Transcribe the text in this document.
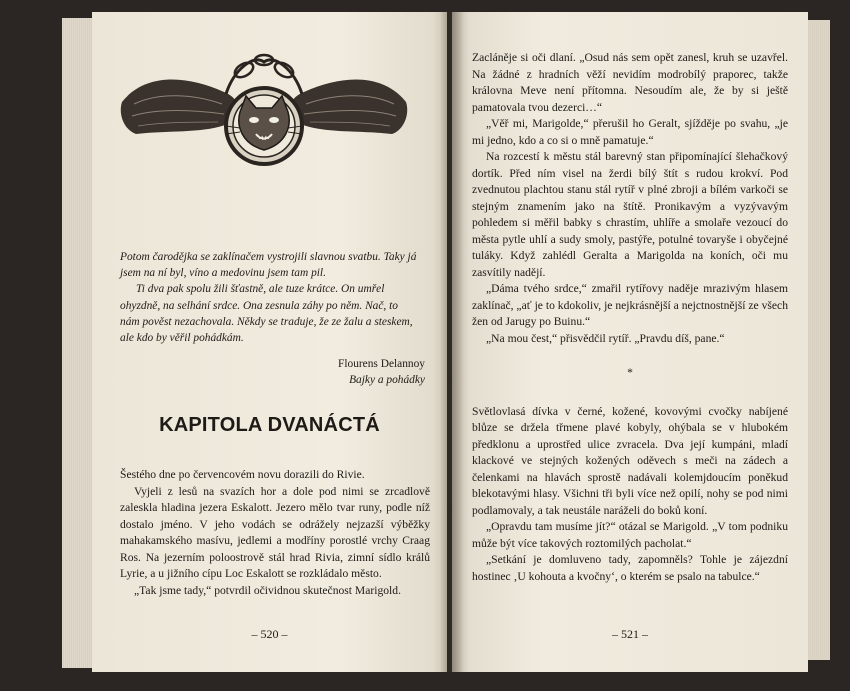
Potom čarodějka se zaklínačem vystrojili slavnou svatbu. Taky já jsem na ní byl, víno a medovinu jsem tam pil.

Ti dva pak spolu žili šťastně, ale tuze krátce. On umřel ohyzdně, na selhání srdce. Ona zesnula záhy po něm. Nač, to nám pověst nezachovala. Někdy se traduje, že ze žalu a steskem, ale kdo by věřil pohádkám.

Flourens Delannoy
Bajky a pohádky
KAPITOLA DVANÁCTÁ

Šestého dne po červencovém novu dorazili do Rivie.

Vyjeli z lesů na svazích hor a dole pod nimi se zrcadlově zaleskla hladina jezera Eskalott. Jezero mělo tvar runy, podle níž dostalo jméno. V jeho vodách se odrážely nejzazší výběžky mahakamského masívu, jedlemi a modříny porostlé vrchy Craag Ros. Na jezerním poloostrově stál hrad Rivia, zimní sídlo králů Lyrie, a u jižního cípu Loc Eskalott se rozkládalo město.

„Tak jsme tady,“ potvrdil očividnou skutečnost Marigold.

– 520 –

Zacláněje si oči dlaní. „Osud nás sem opět zanesl, kruh se uzavřel. Na žádné z hradních věží nevidím modrobílý praporec, takže královna Meve není přítomna. Nesoudím ale, že by si ještě pamatovala tvou dezerci…“

„Věř mi, Marigolde,“ přerušil ho Geralt, sjížděje po svahu, „je mi jedno, kdo a co si o mně pamatuje.“

Na rozcestí k městu stál barevný stan připomínající šlehačkový dortík. Před ním visel na žerdi bílý štít s rudou krokví. Pod zvednutou plachtou stanu stál rytíř v plné zbroji a bílém varkoči se stejným znamením jako na štítě. Pronikavým a vyzývavým pohledem si měřil babky s chrastím, uhlíře a smolaře vezoucí do města pytle uhlí a sudy smoly, pastýře, potulné tovaryše i obyčejné tuláky. Když zahlédl Geralta a Marigolda na koních, oči mu zasvítily nadějí.

„Dáma tvého srdce,“ zmařil rytířovy naděje mrazivým hlasem zaklínač, „ať je to kdokoliv, je nejkrásnější a nejctnostnější ze všech žen od Jarugy po Buinu.“

„Na mou čest,“ přisvědčil rytíř. „Pravdu díš, pane.“

*

Světlovlasá dívka v černé, kožené, kovovými cvočky nabíjené blůze se držela třmene plavé kobyly, ohýbala se v hlubokém předklonu a uprostřed ulice zvracela. Dva její kumpáni, mladí klackové ve stejných kožených oděvech s meči na zádech a čelenkami na hlavách sprostě nadávali kolemjdoucím poněkud blekotavými hlasy. Všichni tři byli více než opilí, nohy se pod nimi podlamovaly, a tak neustále naráželi do boků koní.

„Opravdu tam musíme jít?“ otázal se Marigold. „V tom podniku může být více takových roztomilých pacholat.“

„Setkání je domluveno tady, zapomněls? Tohle je zájezdní hostinec ‚U kohouta a kvočny‘, o kterém se psalo na tabulce.“

– 521 –
